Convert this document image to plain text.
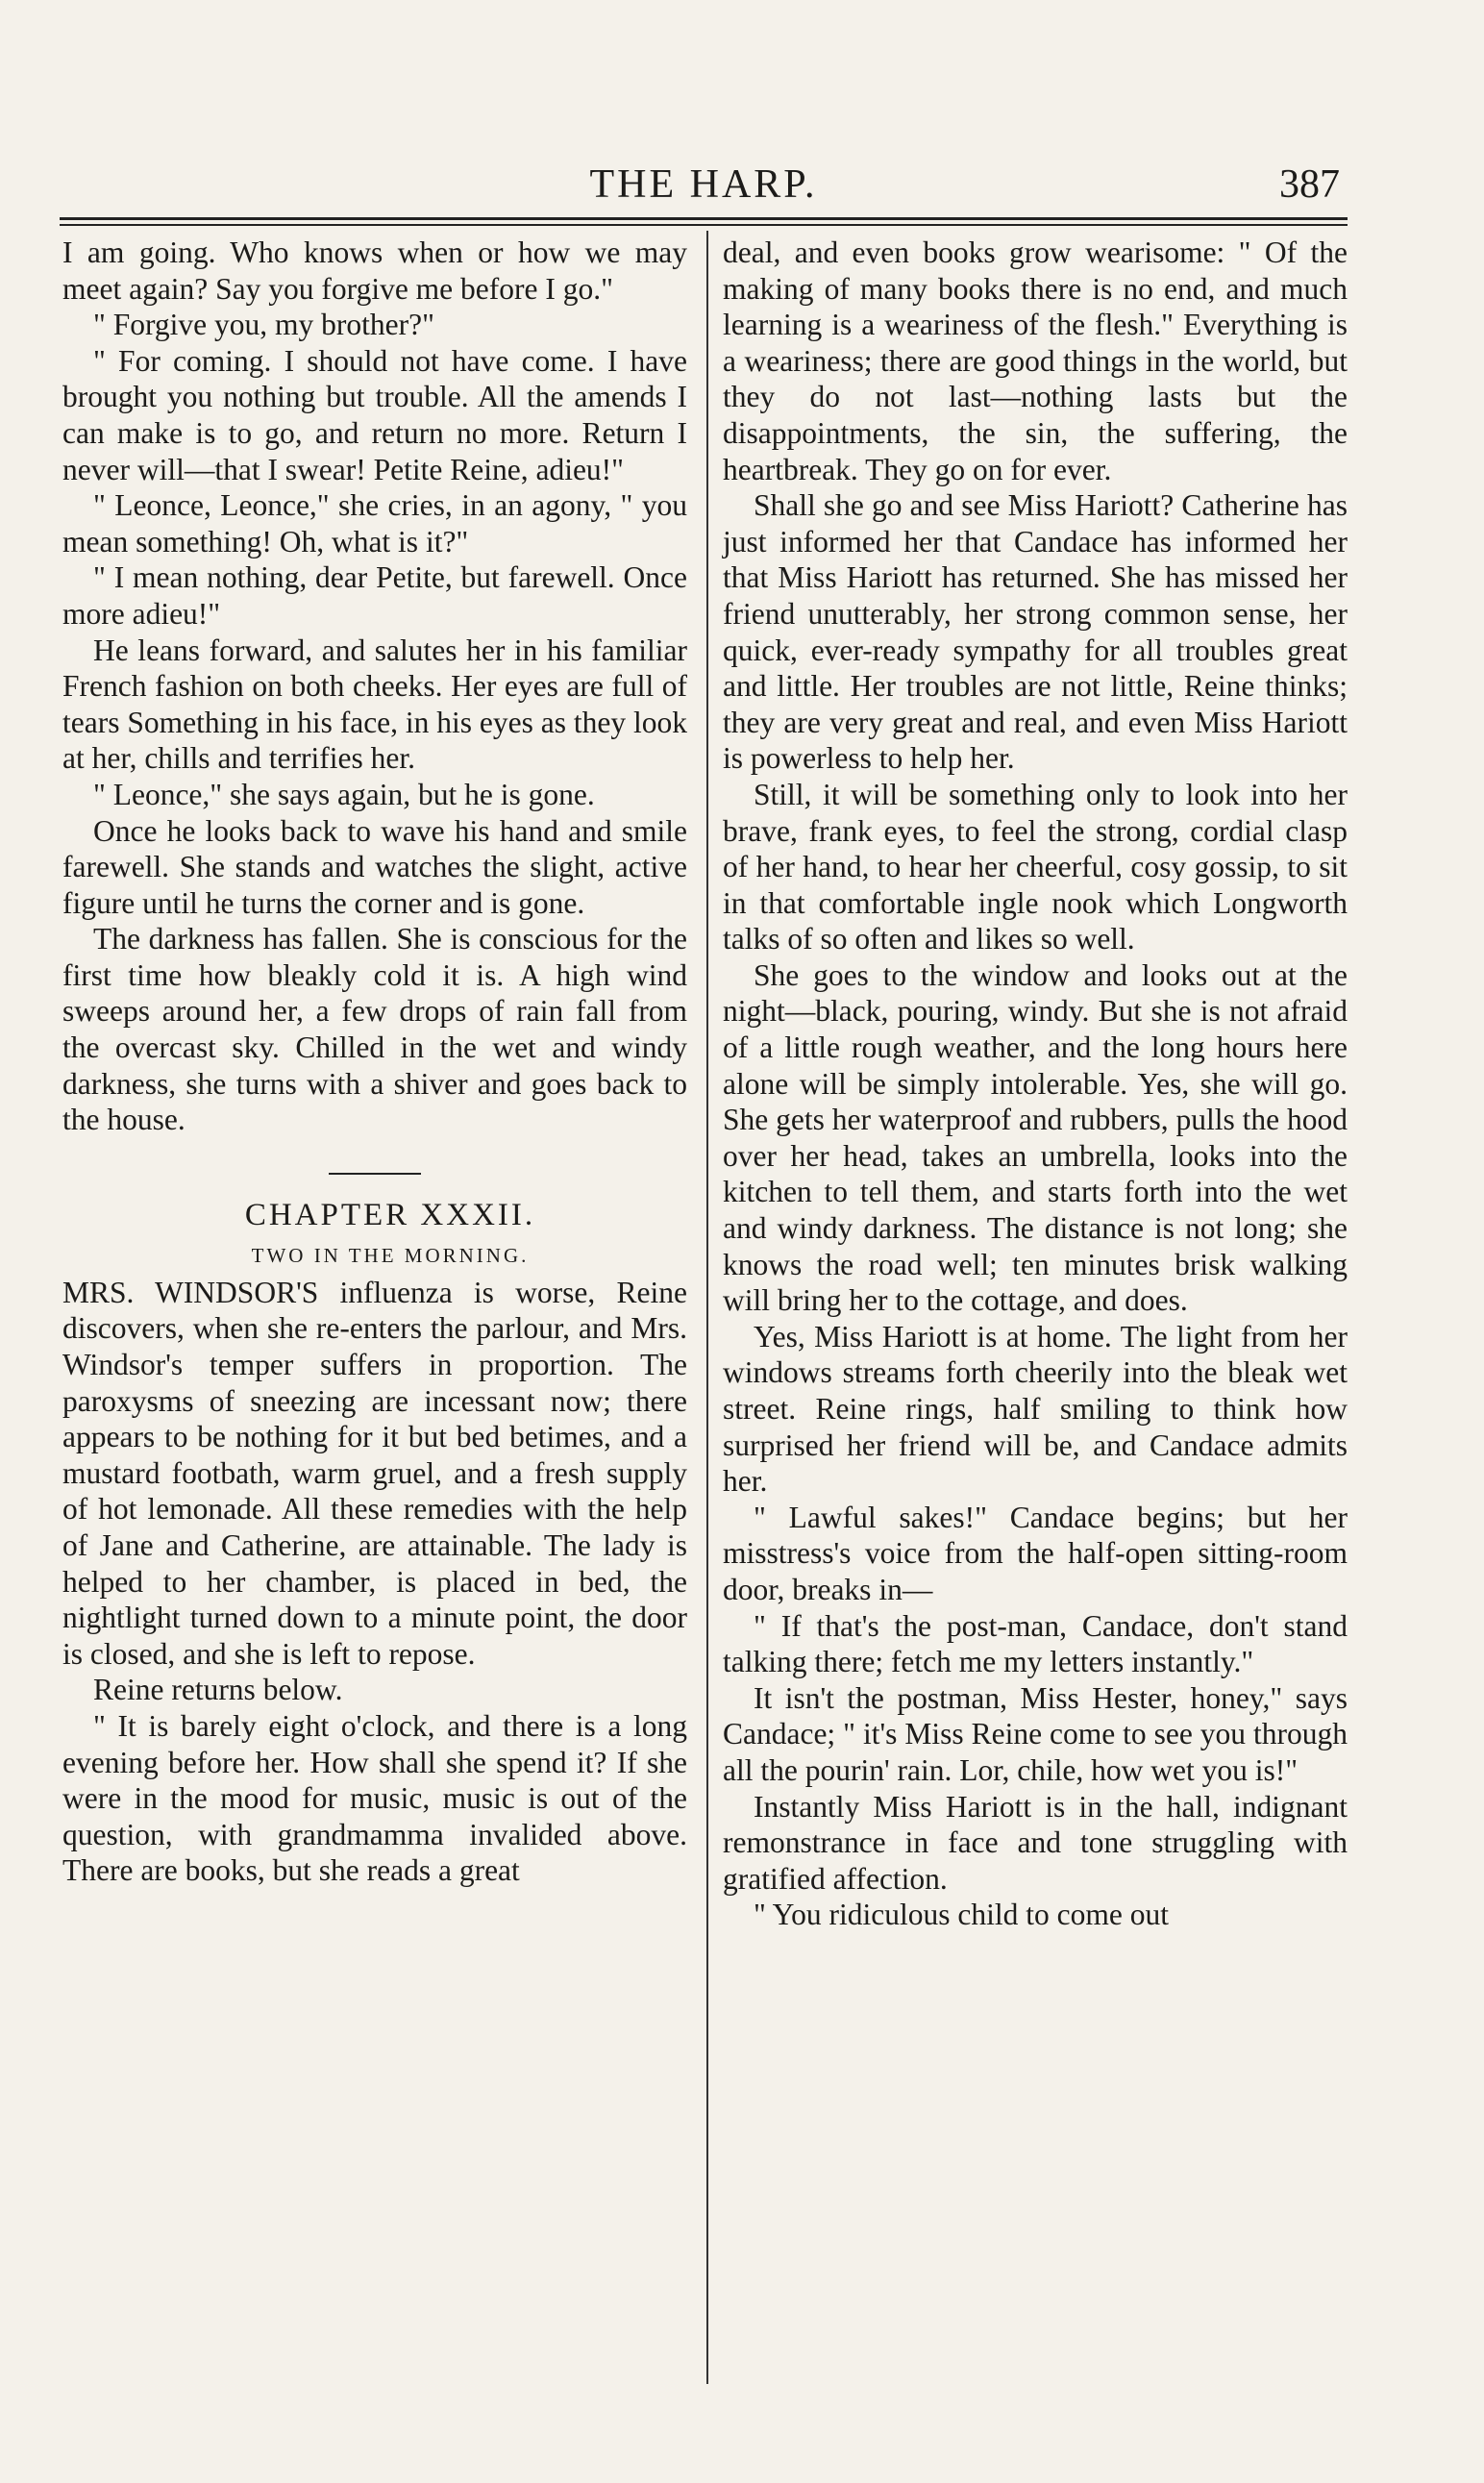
THE HARP.	387

I am going. Who knows when or how we may meet again? Say you forgive me before I go."

" Forgive you, my brother?"

" For coming. I should not have come. I have brought you nothing but trouble. All the amends I can make is to go, and return no more. Return I never will—that I swear! Petite Reine, adieu!"

" Leonce, Leonce," she cries, in an agony, " you mean something! Oh, what is it?"

" I mean nothing, dear Petite, but farewell. Once more adieu!"

He leans forward, and salutes her in his familiar French fashion on both cheeks. Her eyes are full of tears Something in his face, in his eyes as they look at her, chills and terrifies her.

" Leonce," she says again, but he is gone.

Once he looks back to wave his hand and smile farewell. She stands and watches the slight, active figure until he turns the corner and is gone.

The darkness has fallen. She is conscious for the first time how bleakly cold it is. A high wind sweeps around her, a few drops of rain fall from the overcast sky. Chilled in the wet and windy darkness, she turns with a shiver and goes back to the house.

CHAPTER XXXII.

TWO IN THE MORNING.

MRS. WINDSOR'S influenza is worse, Reine discovers, when she re-enters the parlour, and Mrs. Windsor's temper suffers in proportion. The paroxysms of sneezing are incessant now; there appears to be nothing for it but bed betimes, and a mustard footbath, warm gruel, and a fresh supply of hot lemonade. All these remedies with the help of Jane and Catherine, are attainable. The lady is helped to her chamber, is placed in bed, the nightlight turned down to a minute point, the door is closed, and she is left to repose.

Reine returns below.

" It is barely eight o'clock, and there is a long evening before her. How shall she spend it? If she were in the mood for music, music is out of the question, with grandmamma invalided above. There are books, but she reads a great

deal, and even books grow wearisome: " Of the making of many books there is no end, and much learning is a weariness of the flesh." Everything is a weariness; there are good things in the world, but they do not last—nothing lasts but the disappointments, the sin, the suffering, the heartbreak. They go on for ever.

Shall she go and see Miss Hariott? Catherine has just informed her that Candace has informed her that Miss Hariott has returned. She has missed her friend unutterably, her strong common sense, her quick, ever-ready sympathy for all troubles great and little. Her troubles are not little, Reine thinks; they are very great and real, and even Miss Hariott is powerless to help her.

Still, it will be something only to look into her brave, frank eyes, to feel the strong, cordial clasp of her hand, to hear her cheerful, cosy gossip, to sit in that comfortable ingle nook which Longworth talks of so often and likes so well.

She goes to the window and looks out at the night—black, pouring, windy. But she is not afraid of a little rough weather, and the long hours here alone will be simply intolerable. Yes, she will go. She gets her waterproof and rubbers, pulls the hood over her head, takes an umbrella, looks into the kitchen to tell them, and starts forth into the wet and windy darkness. The distance is not long; she knows the road well; ten minutes brisk walking will bring her to the cottage, and does.

Yes, Miss Hariott is at home. The light from her windows streams forth cheerily into the bleak wet street. Reine rings, half smiling to think how surprised her friend will be, and Candace admits her.

" Lawful sakes!" Candace begins; but her misstress's voice from the half-open sitting-room door, breaks in—

" If that's the post-man, Candace, don't stand talking there; fetch me my letters instantly."

It isn't the postman, Miss Hester, honey," says Candace; " it's Miss Reine come to see you through all the pourin' rain. Lor, chile, how wet you is!"

Instantly Miss Hariott is in the hall, indignant remonstrance in face and tone struggling with gratified affection.

" You ridiculous child to come out
